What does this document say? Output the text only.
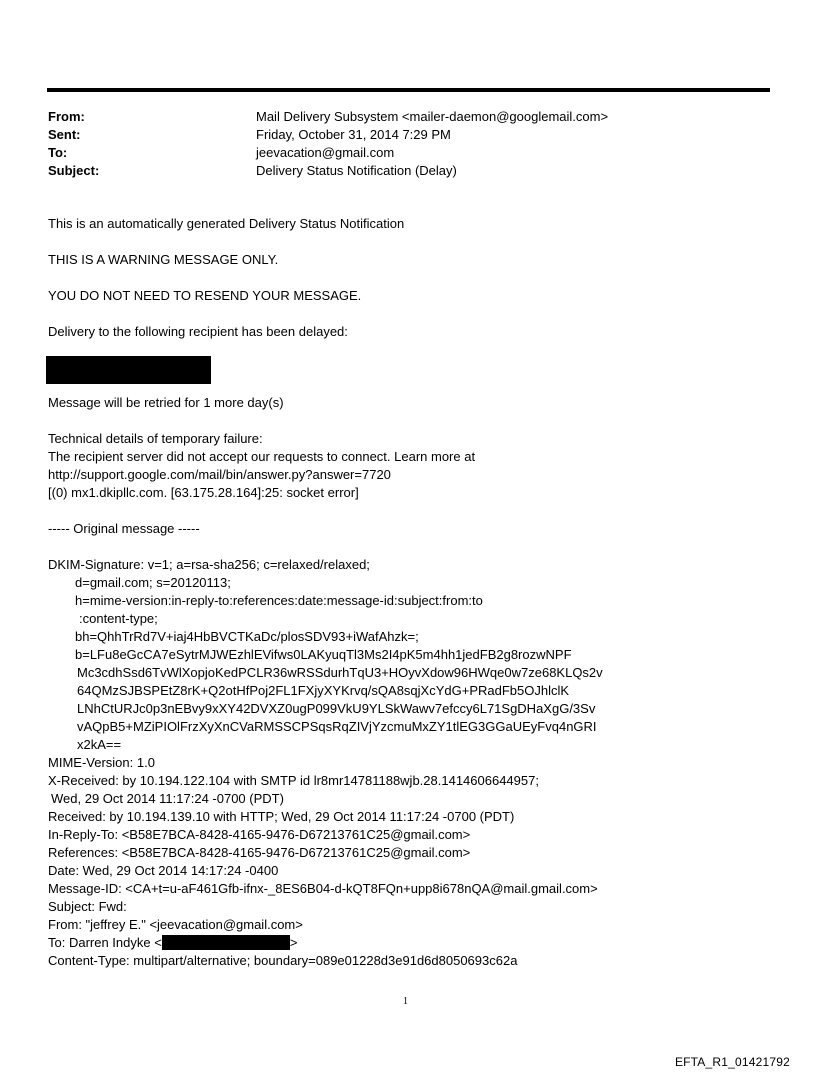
From:	Mail Delivery Subsystem <mailer-daemon@googlemail.com>
Sent:	Friday, October 31, 2014 7:29 PM
To:	jeevacation@gmail.com
Subject:	Delivery Status Notification (Delay)
This is an automatically generated Delivery Status Notification
THIS IS A WARNING MESSAGE ONLY.
YOU DO NOT NEED TO RESEND YOUR MESSAGE.
Delivery to the following recipient has been delayed:
Message will be retried for 1 more day(s)
Technical details of temporary failure:
The recipient server did not accept our requests to connect. Learn more at
http://support.google.com/mail/bin/answer.py?answer=7720
[(0) mx1.dkipllc.com. [63.175.28.164]:25: socket error]
----- Original message -----
DKIM-Signature: v=1; a=rsa-sha256; c=relaxed/relaxed;
d=gmail.com; s=20120113;
h=mime-version:in-reply-to:references:date:message-id:subject:from:to
:content-type;
bh=QhhTrRd7V+iaj4HbBVCTKaDc/plosSDV93+iWafAhzk=;
b=LFu8eGcCA7eSytrMJWEzhlEVifws0LAKyuqTl3Ms2I4pK5m4hh1jedFB2g8rozwNPF
Mc3cdhSsd6TvWlXopjoKedPCLR36wRSSdurhTqU3+HOyvXdow96HWqe0w7ze68KLQs2v
64QMzSJBSPEtZ8rK+Q2otHfPoj2FL1FXjyXYKrvq/sQA8sqjXcYdG+PRadFb5OJhlclK
LNhCtURJc0p3nEBvy9xXY42DVXZ0ugP099VkU9YLSkWawv7efccy6L71SgDHaXgG/3Sv
vAQpB5+MZiPIOlFrzXyXnCVaRMSSCPSqsRqZIVjYzcmuMxZY1tlEG3GGaUEyFvq4nGRI
x2kA==
MIME-Version: 1.0
X-Received: by 10.194.122.104 with SMTP id lr8mr14781188wjb.28.1414606644957;
Wed, 29 Oct 2014 11:17:24 -0700 (PDT)
Received: by 10.194.139.10 with HTTP; Wed, 29 Oct 2014 11:17:24 -0700 (PDT)
In-Reply-To: <B58E7BCA-8428-4165-9476-D67213761C25@gmail.com>
References: <B58E7BCA-8428-4165-9476-D67213761C25@gmail.com>
Date: Wed, 29 Oct 2014 14:17:24 -0400
Message-ID: <CA+t=u-aF461Gfb-ifnx-_8ES6B04-d-kQT8FQn+upp8i678nQA@mail.gmail.com>
Subject: Fwd:
From: "jeffrey E." <jeevacation@gmail.com>
To: Darren Indyke <	>
Content-Type: multipart/alternative; boundary=089e01228d3e91d6d8050693c62a
1
EFTA_R1_01421792
